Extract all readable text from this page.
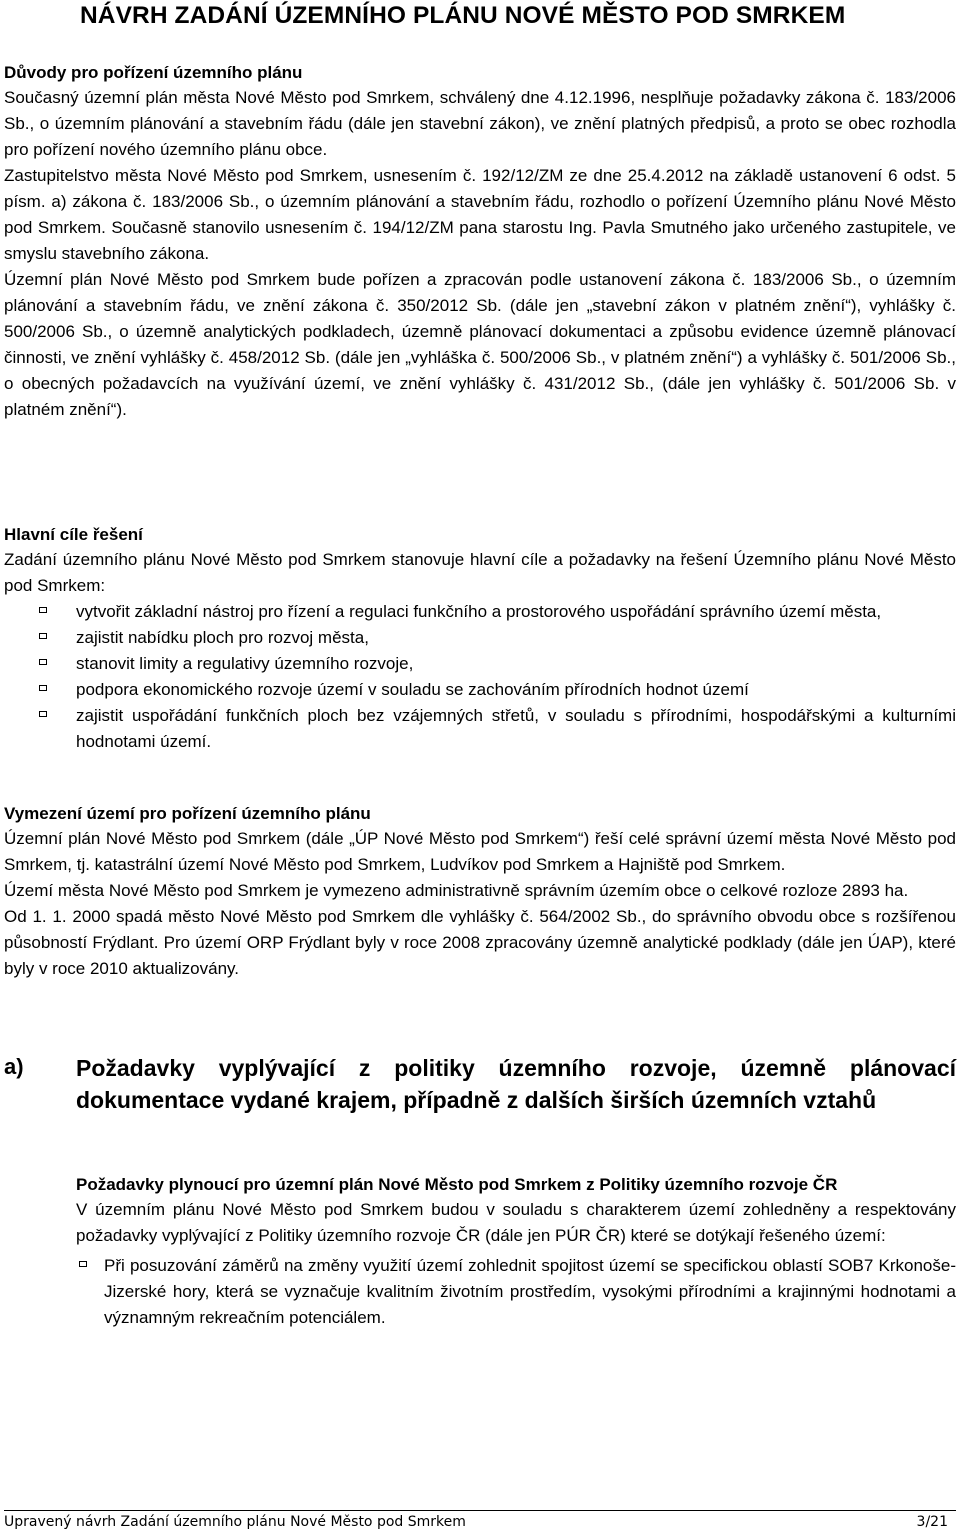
NÁVRH ZADÁNÍ ÚZEMNÍHO PLÁNU NOVÉ MĚSTO POD SMRKEM

Důvody pro pořízení územního plánu

Současný územní plán města Nové Město pod Smrkem, schválený dne 4.12.1996, nesplňuje požadavky zákona č. 183/2006 Sb., o územním plánování a stavebním řádu (dále jen stavební zákon), ve znění platných předpisů, a proto se obec rozhodla pro pořízení nového územního plánu obce.

Zastupitelstvo města Nové Město pod Smrkem, usnesením č. 192/12/ZM ze dne 25.4.2012 na základě ustanovení 6 odst. 5 písm. a) zákona č. 183/2006 Sb., o územním plánování a stavebním řádu, rozhodlo o pořízení Územního plánu Nové Město pod Smrkem. Současně stanovilo usnesením č. 194/12/ZM pana starostu Ing. Pavla Smutného jako určeného zastupitele, ve smyslu stavebního zákona.

Územní plán Nové Město pod Smrkem bude pořízen a zpracován podle ustanovení zákona č. 183/2006 Sb., o územním plánování a stavebním řádu, ve znění zákona č. 350/2012 Sb. (dále jen „stavební zákon v platném znění“), vyhlášky č. 500/2006 Sb., o územně analytických podkladech, územně plánovací dokumentaci a způsobu evidence územně plánovací činnosti, ve znění vyhlášky č. 458/2012 Sb. (dále jen „vyhláška č. 500/2006 Sb., v platném znění“) a vyhlášky č. 501/2006 Sb., o obecných požadavcích na využívání území, ve znění vyhlášky č. 431/2012 Sb., (dále jen vyhlášky č. 501/2006 Sb. v platném znění“).

Hlavní cíle řešení

Zadání územního plánu Nové Město pod Smrkem stanovuje hlavní cíle a požadavky na řešení Územního plánu Nové Město pod Smrkem:

vytvořit základní nástroj pro řízení a regulaci funkčního a prostorového uspořádání správního území města,
zajistit nabídku ploch pro rozvoj města,
stanovit limity a regulativy územního rozvoje,
podpora ekonomického rozvoje území v souladu se zachováním přírodních hodnot území
zajistit uspořádání funkčních ploch bez vzájemných střetů, v souladu s přírodními, hospodářskými a kulturními hodnotami území.

Vymezení území pro pořízení územního plánu

Územní plán Nové Město pod Smrkem (dále „ÚP Nové Město pod Smrkem“) řeší celé správní území města Nové Město pod Smrkem, tj. katastrální území Nové Město pod Smrkem, Ludvíkov pod Smrkem a Hajniště pod Smrkem.

Území města Nové Město pod Smrkem je vymezeno administrativně správním územím obce o celkové rozloze 2893 ha.

Od 1. 1. 2000 spadá město Nové Město pod Smrkem dle vyhlášky č. 564/2002 Sb., do správního obvodu obce s rozšířenou působností Frýdlant. Pro území ORP Frýdlant byly v roce 2008 zpracovány územně analytické podklady (dále jen ÚAP), které byly v roce 2010 aktualizovány.

a) Požadavky vyplývající z politiky územního rozvoje, územně plánovací dokumentace vydané krajem, případně z dalších širších územních vztahů

Požadavky plynoucí pro územní plán Nové Město pod Smrkem z Politiky územního rozvoje ČR

V územním plánu Nové Město pod Smrkem budou v souladu s charakterem území zohledněny a respektovány požadavky vyplývající z Politiky územního rozvoje ČR (dále jen PÚR ČR) které se dotýkají řešeného území:

Při posuzování záměrů na změny využití území zohlednit spojitost území se specifickou oblastí SOB7 Krkonoše- Jizerské hory, která se vyznačuje kvalitním životním prostředím, vysokými přírodními a krajinnými hodnotami a významným rekreačním potenciálem.
Upravený návrh Zadání územního plánu Nové Město pod Smrkem	3/21
